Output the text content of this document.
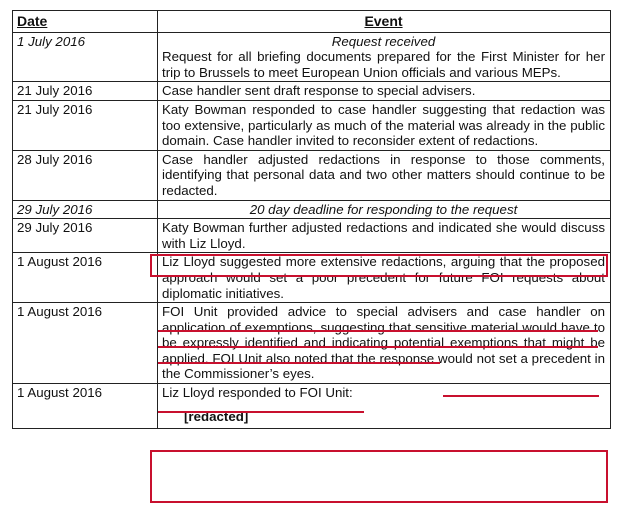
Date	Event
1 July 2016	Request received
Request for all briefing documents prepared for the First Minister for her trip to Brussels to meet European Union officials and various MEPs.

21 July 2016	Case handler sent draft response to special advisers.
21 July 2016	Katy Bowman responded to case handler suggesting that redaction was too extensive, particularly as much of the material was already in the public domain. Case handler invited to reconsider extent of redactions.
28 July 2016	Case handler adjusted redactions in response to those comments, identifying that personal data and two other matters should continue to be redacted.
29 July 2016	20 day deadline for responding to the request
29 July 2016	Katy Bowman further adjusted redactions and indicated she would discuss with Liz Lloyd.
1 August 2016	Liz Lloyd suggested more extensive redactions, arguing that the proposed approach would set a poor precedent for future FOI requests about diplomatic initiatives.
1 August 2016	FOI Unit provided advice to special advisers and case handler on application of exemptions, suggesting that sensitive material would have to be expressly identified and indicating potential exemptions that might be applied. FOI Unit also noted that the response would not set a precedent in the Commissioner’s eyes.
1 August 2016	Liz Lloyd responded to FOI Unit:
[redacted]
